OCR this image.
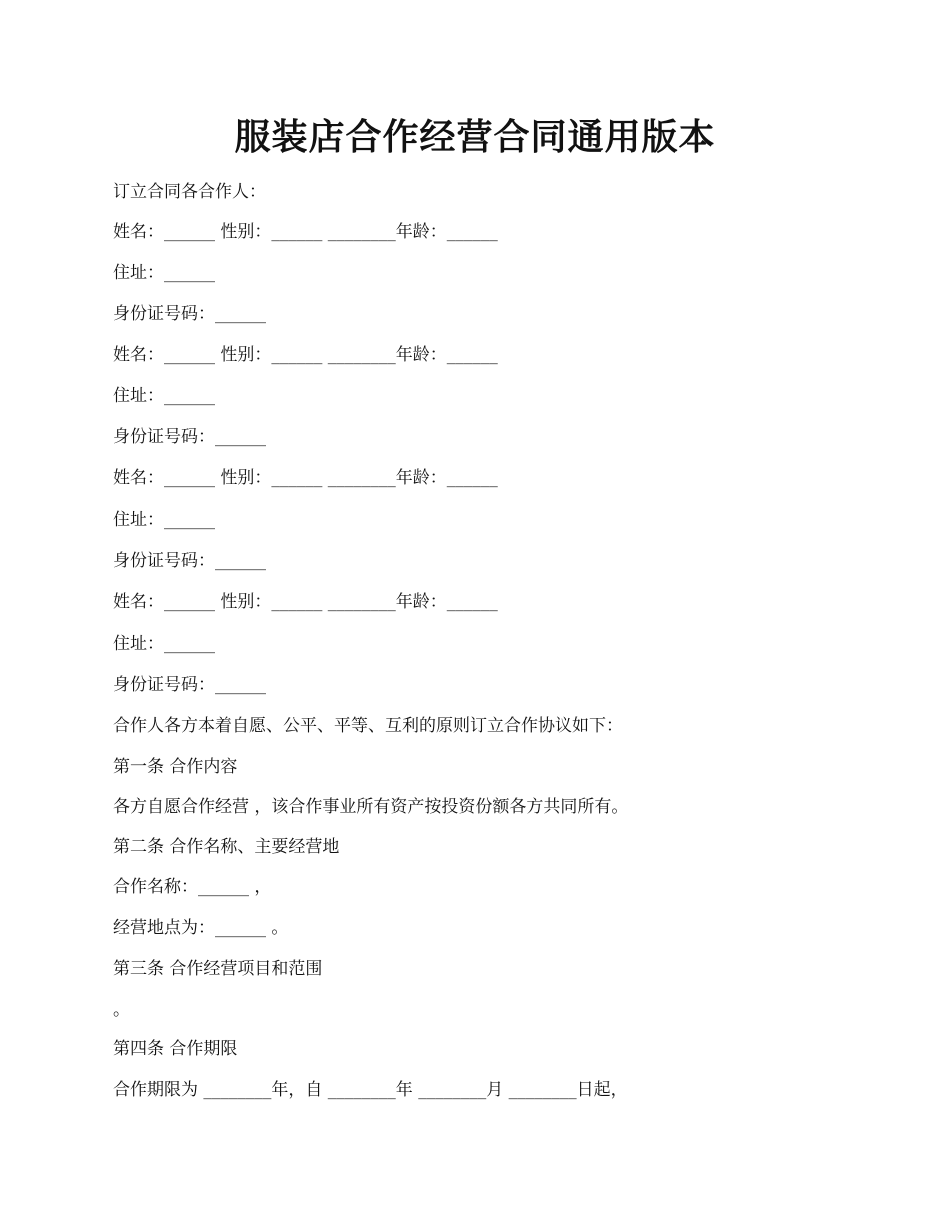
服装店合作经营合同通用版本

订立合同各合作人：

姓名：______ 性别：______ ________年龄：______

住址：______

身份证号码：______

姓名：______ 性别：______ ________年龄：______

住址：______

身份证号码：______

姓名：______ 性别：______ ________年龄：______

住址：______

身份证号码：______

姓名：______ 性别：______ ________年龄：______

住址：______

身份证号码：______

合作人各方本着自愿、公平、平等、互利的原则订立合作协议如下：

第一条 合作内容

各方自愿合作经营 ，该合作事业所有资产按投资份额各方共同所有。

第二条 合作名称、主要经营地

合作名称：______ ，

经营地点为：______ 。

第三条 合作经营项目和范围

。

第四条 合作期限

合作期限为 ________年，自 ________年 ________月 ________日起，
